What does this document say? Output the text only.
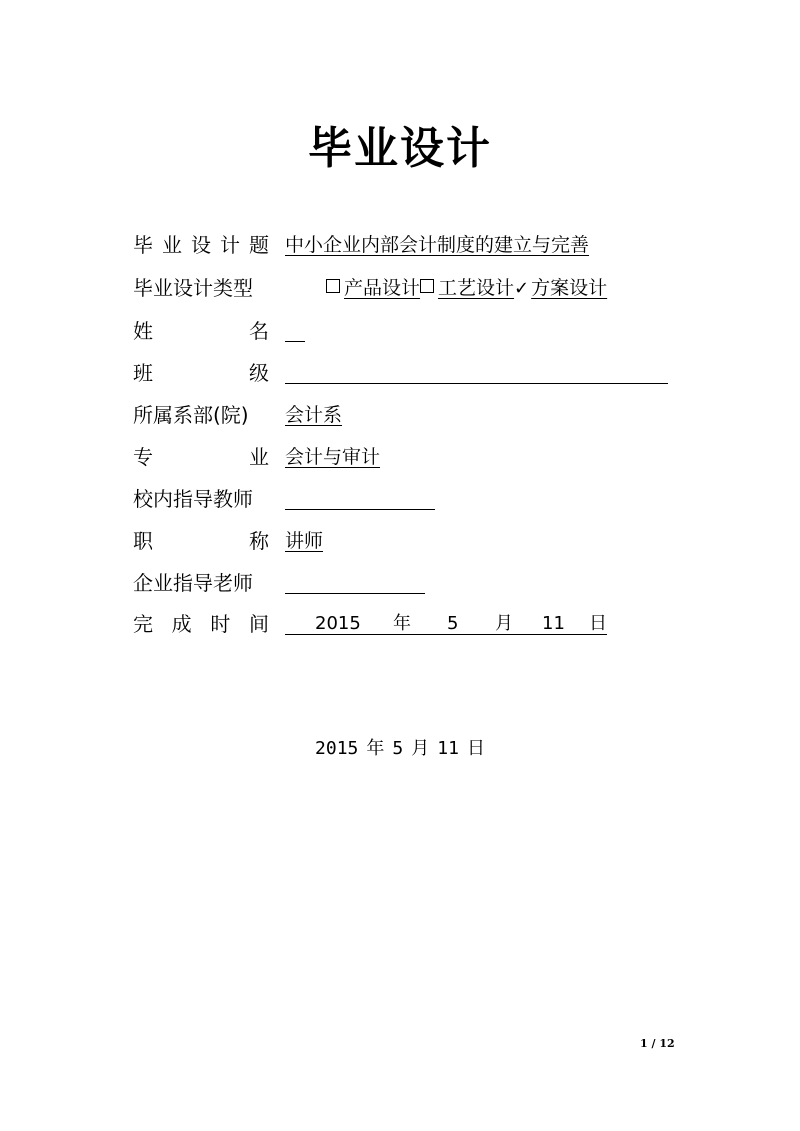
毕业设计
毕 业 设 计 题 中小企业内部会计制度的建立与完善
毕业设计类型	产品设计 工艺设计✓ 方案设计
姓	名
班	级
所属系部(院) 会计系
专	业 会计与审计
校内指导教师
职	称 讲师
企业指导老师
完 成 时 间	2015 年 5 月 11 日
2015 年 5 月 11 日
1 / 12
